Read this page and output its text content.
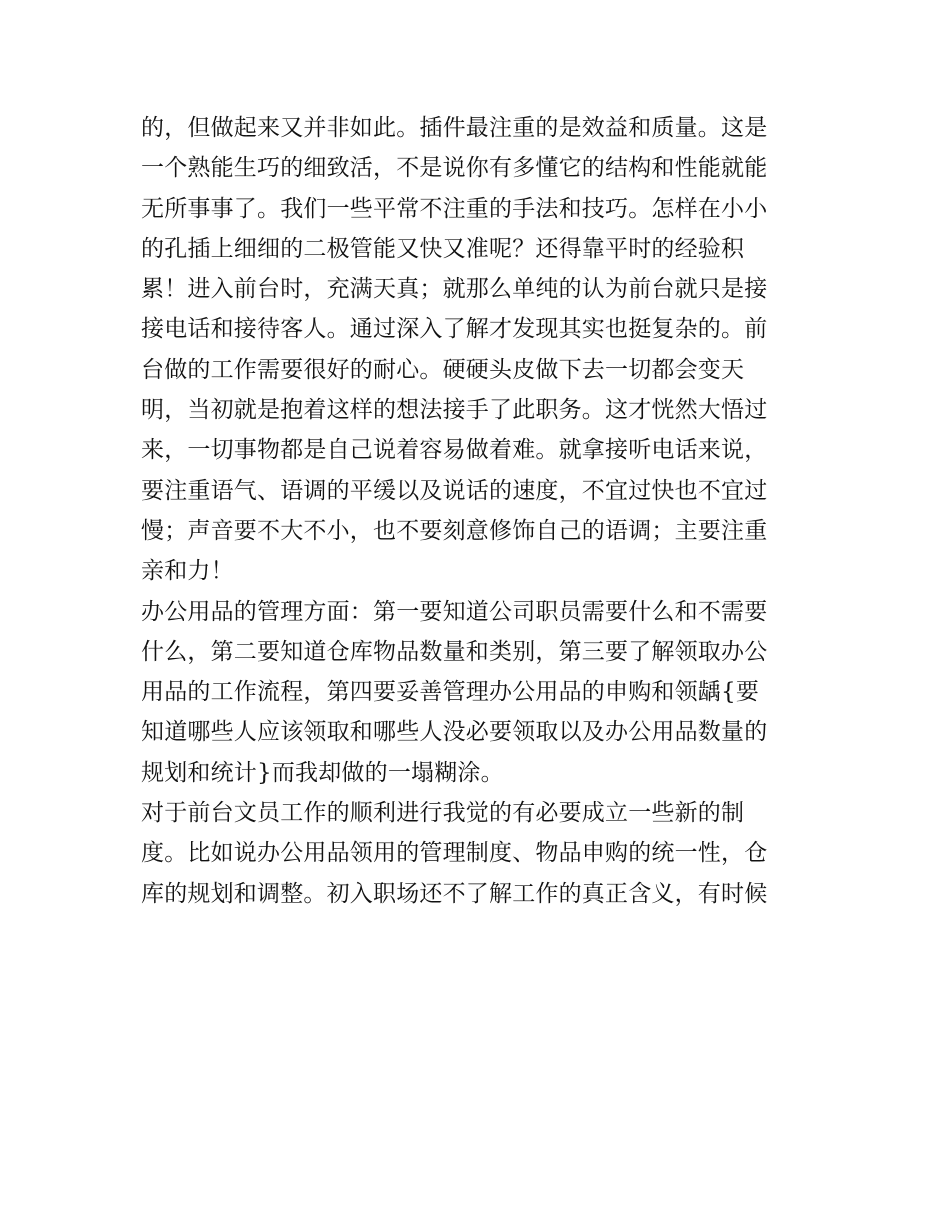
的，但做起来又并非如此。插件最注重的是效益和质量。这是
一个熟能生巧的细致活，不是说你有多懂它的结构和性能就能
无所事事了。我们一些平常不注重的手法和技巧。怎样在小小
的孔插上细细的二极管能又快又准呢？还得靠平时的经验积
累！进入前台时，充满天真；就那么单纯的认为前台就只是接
接电话和接待客人。通过深入了解才发现其实也挺复杂的。前
台做的工作需要很好的耐心。硬硬头皮做下去一切都会变天
明，当初就是抱着这样的想法接手了此职务。这才恍然大悟过
来，一切事物都是自己说着容易做着难。就拿接听电话来说，
要注重语气、语调的平缓以及说话的速度，不宜过快也不宜过
慢；声音要不大不小，也不要刻意修饰自己的语调；主要注重
亲和力！
办公用品的管理方面：第一要知道公司职员需要什么和不需要
什么，第二要知道仓库物品数量和类别，第三要了解领取办公
用品的工作流程，第四要妥善管理办公用品的申购和领龋{要
知道哪些人应该领取和哪些人没必要领取以及办公用品数量的
规划和统计}而我却做的一塌糊涂。
对于前台文员工作的顺利进行我觉的有必要成立一些新的制
度。比如说办公用品领用的管理制度、物品申购的统一性，仓
库的规划和调整。初入职场还不了解工作的真正含义，有时候
